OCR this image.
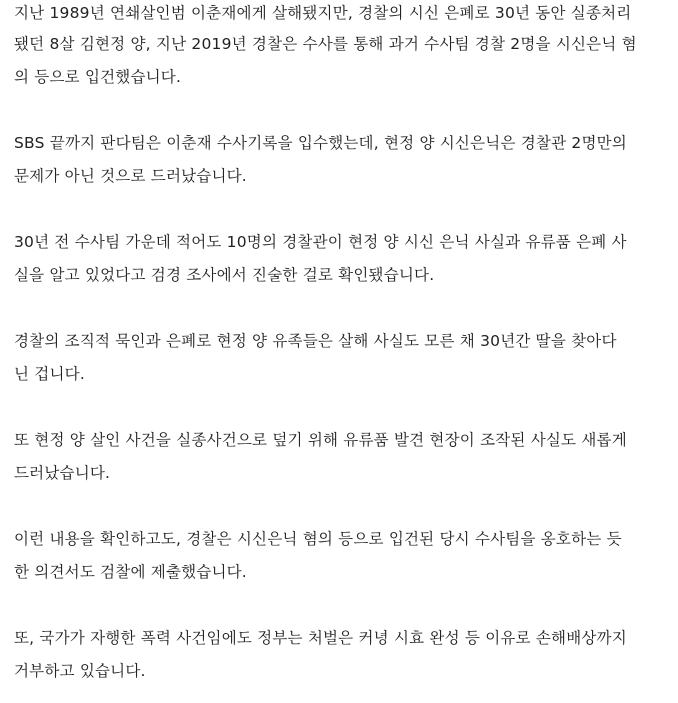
지난 1989년 연쇄살인범 이춘재에게 살해됐지만, 경찰의 시신 은폐로 30년 동안 실종처리
됐던 8살 김현정 양, 지난 2019년 경찰은 수사를 통해 과거 수사팀 경찰 2명을 시신은닉 혐
의 등으로 입건했습니다.
SBS 끝까지 판다팀은 이춘재 수사기록을 입수했는데, 현정 양 시신은닉은 경찰관 2명만의
문제가 아닌 것으로 드러났습니다.
30년 전 수사팀 가운데 적어도 10명의 경찰관이 현정 양 시신 은닉 사실과 유류품 은폐 사
실을 알고 있었다고 검경 조사에서 진술한 걸로 확인됐습니다.
경찰의 조직적 묵인과 은폐로 현정 양 유족들은 살해 사실도 모른 채 30년간 딸을 찾아다
닌 겁니다.
또 현정 양 살인 사건을 실종사건으로 덮기 위해 유류품 발견 현장이 조작된 사실도 새롭게
드러났습니다.
이런 내용을 확인하고도, 경찰은 시신은닉 혐의 등으로 입건된 당시 수사팀을 옹호하는 듯
한 의견서도 검찰에 제출했습니다.
또, 국가가 자행한 폭력 사건임에도 정부는 처벌은 커녕 시효 완성 등 이유로 손해배상까지
거부하고 있습니다.
